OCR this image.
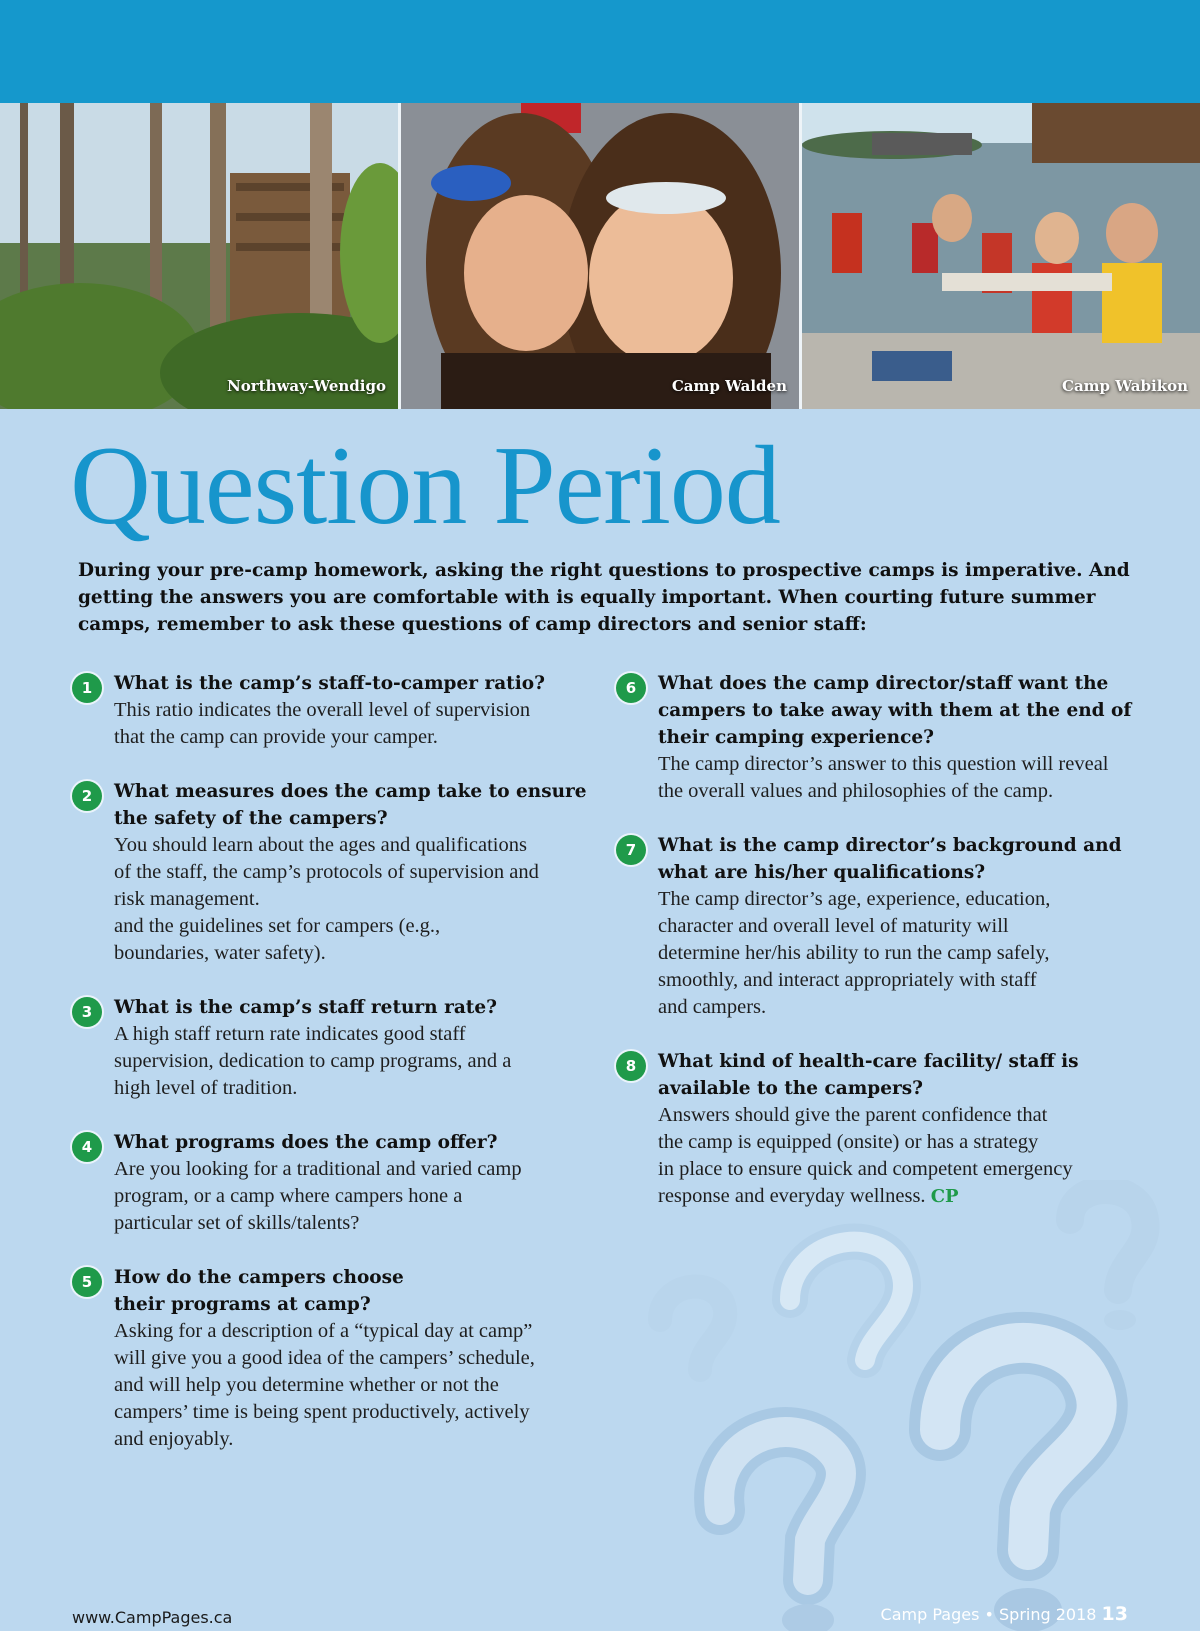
Northway-Wendigo	Camp Walden	Camp Wabikon
Question Period

During your pre-camp homework, asking the right questions to prospective camps is imperative. And getting the answers you are comfortable with is equally important. When courting future summer camps, remember to ask these questions of camp directors and senior staff:

1	What is the camp’s staff-to-camper ratio?
This ratio indicates the overall level of supervision
that the camp can provide your camper.
2	What measures does the camp take to ensure the safety of the campers?
You should learn about the ages and qualifications
of the staff, the camp’s protocols of supervision and
risk management.
and the guidelines set for campers (e.g.,
boundaries, water safety).
3	What is the camp’s staff return rate?
A high staff return rate indicates good staff
supervision, dedication to camp programs, and a
high level of tradition.
4	What programs does the camp offer?
Are you looking for a traditional and varied camp
program, or a camp where campers hone a
particular set of skills/talents?
5	How do the campers choose their programs at camp?
Asking for a description of a “typical day at camp”
will give you a good idea of the campers’ schedule,
and will help you determine whether or not the
campers’ time is being spent productively, actively
and enjoyably.
6	What does the camp director/staff want the campers to take away with them at the end of their camping experience?
The camp director’s answer to this question will reveal
the overall values and philosophies of the camp.
7	What is the camp director’s background and what are his/her qualifications?
The camp director’s age, experience, education,
character and overall level of maturity will
determine her/his ability to run the camp safely,
smoothly, and interact appropriately with staff
and campers.
8	What kind of health-care facility/ staff is available to the campers?
Answers should give the parent confidence that
the camp is equipped (onsite) or has a strategy
in place to ensure quick and competent emergency
response and everyday wellness. CP
www.CampPages.ca	Camp Pages • Spring 2018 13
